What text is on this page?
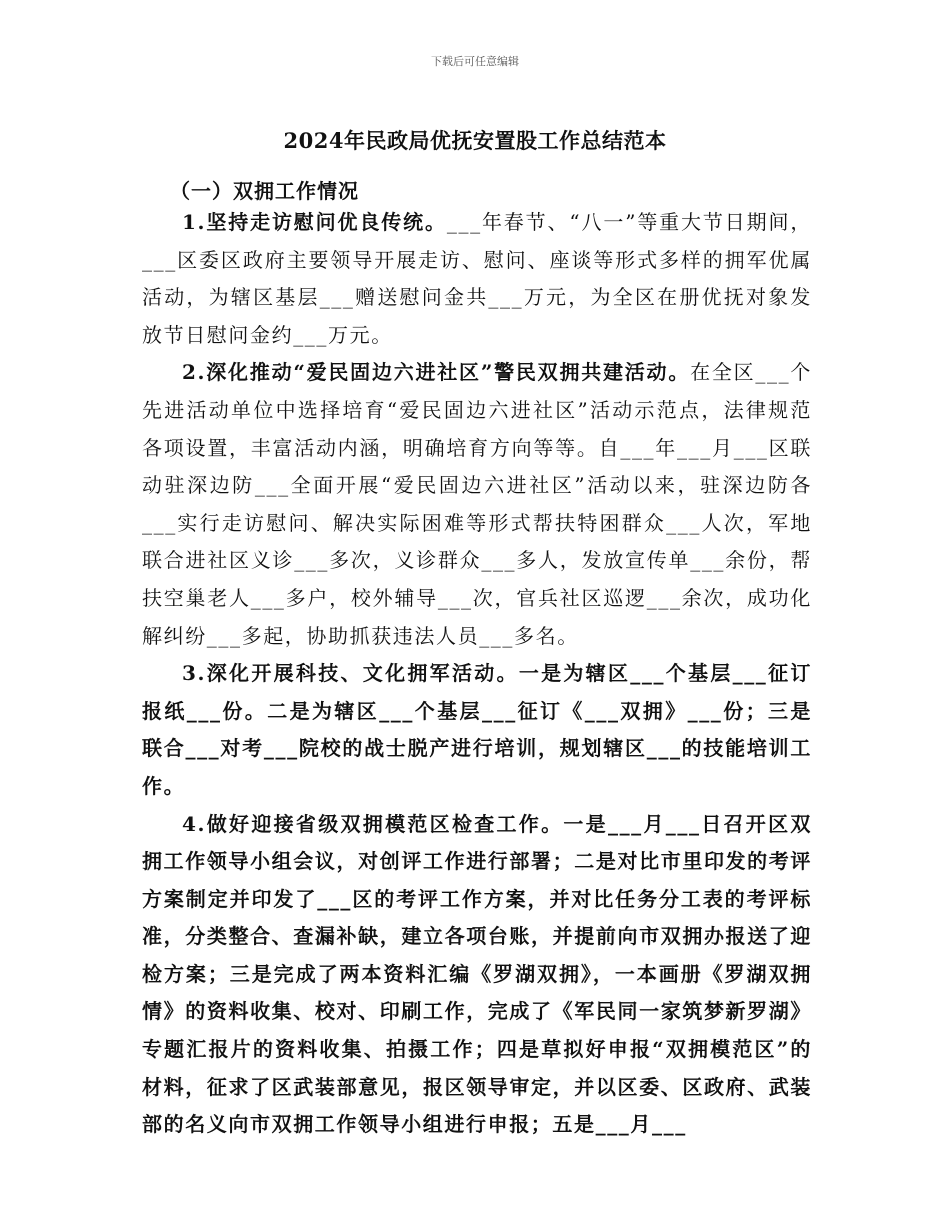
下载后可任意编辑
2024年民政局优抚安置股工作总结范本
（一）双拥工作情况

1.坚持走访慰问优良传统。___年春节、“八一”等重大节日期间，___区委区政府主要领导开展走访、慰问、座谈等形式多样的拥军优属活动，为辖区基层___赠送慰问金共___万元，为全区在册优抚对象发放节日慰问金约___万元。

2.深化推动“爱民固边六进社区”警民双拥共建活动。在全区___个先进活动单位中选择培育“爱民固边六进社区”活动示范点，法律规范各项设置，丰富活动内涵，明确培育方向等等。自___年___月___区联动驻深边防___全面开展“爱民固边六进社区”活动以来，驻深边防各___实行走访慰问、解决实际困难等形式帮扶特困群众___人次，军地联合进社区义诊___多次，义诊群众___多人，发放宣传单___余份，帮扶空巢老人___多户，校外辅导___次，官兵社区巡逻___余次，成功化解纠纷___多起，协助抓获违法人员___多名。

3.深化开展科技、文化拥军活动。一是为辖区___个基层___征订报纸___份。二是为辖区___个基层___征订《___双拥》___份；三是联合___对考___院校的战士脱产进行培训，规划辖区___的技能培训工作。

4.做好迎接省级双拥模范区检查工作。一是___月___日召开区双拥工作领导小组会议，对创评工作进行部署；二是对比市里印发的考评方案制定并印发了___区的考评工作方案，并对比任务分工表的考评标准，分类整合、查漏补缺，建立各项台账，并提前向市双拥办报送了迎检方案；三是完成了两本资料汇编《罗湖双拥》，一本画册《罗湖双拥情》的资料收集、校对、印刷工作，完成了《军民同一家筑梦新罗湖》专题汇报片的资料收集、拍摄工作；四是草拟好申报“双拥模范区”的材料，征求了区武装部意见，报区领导审定，并以区委、区政府、武装部的名义向市双拥工作领导小组进行申报；五是___月___
